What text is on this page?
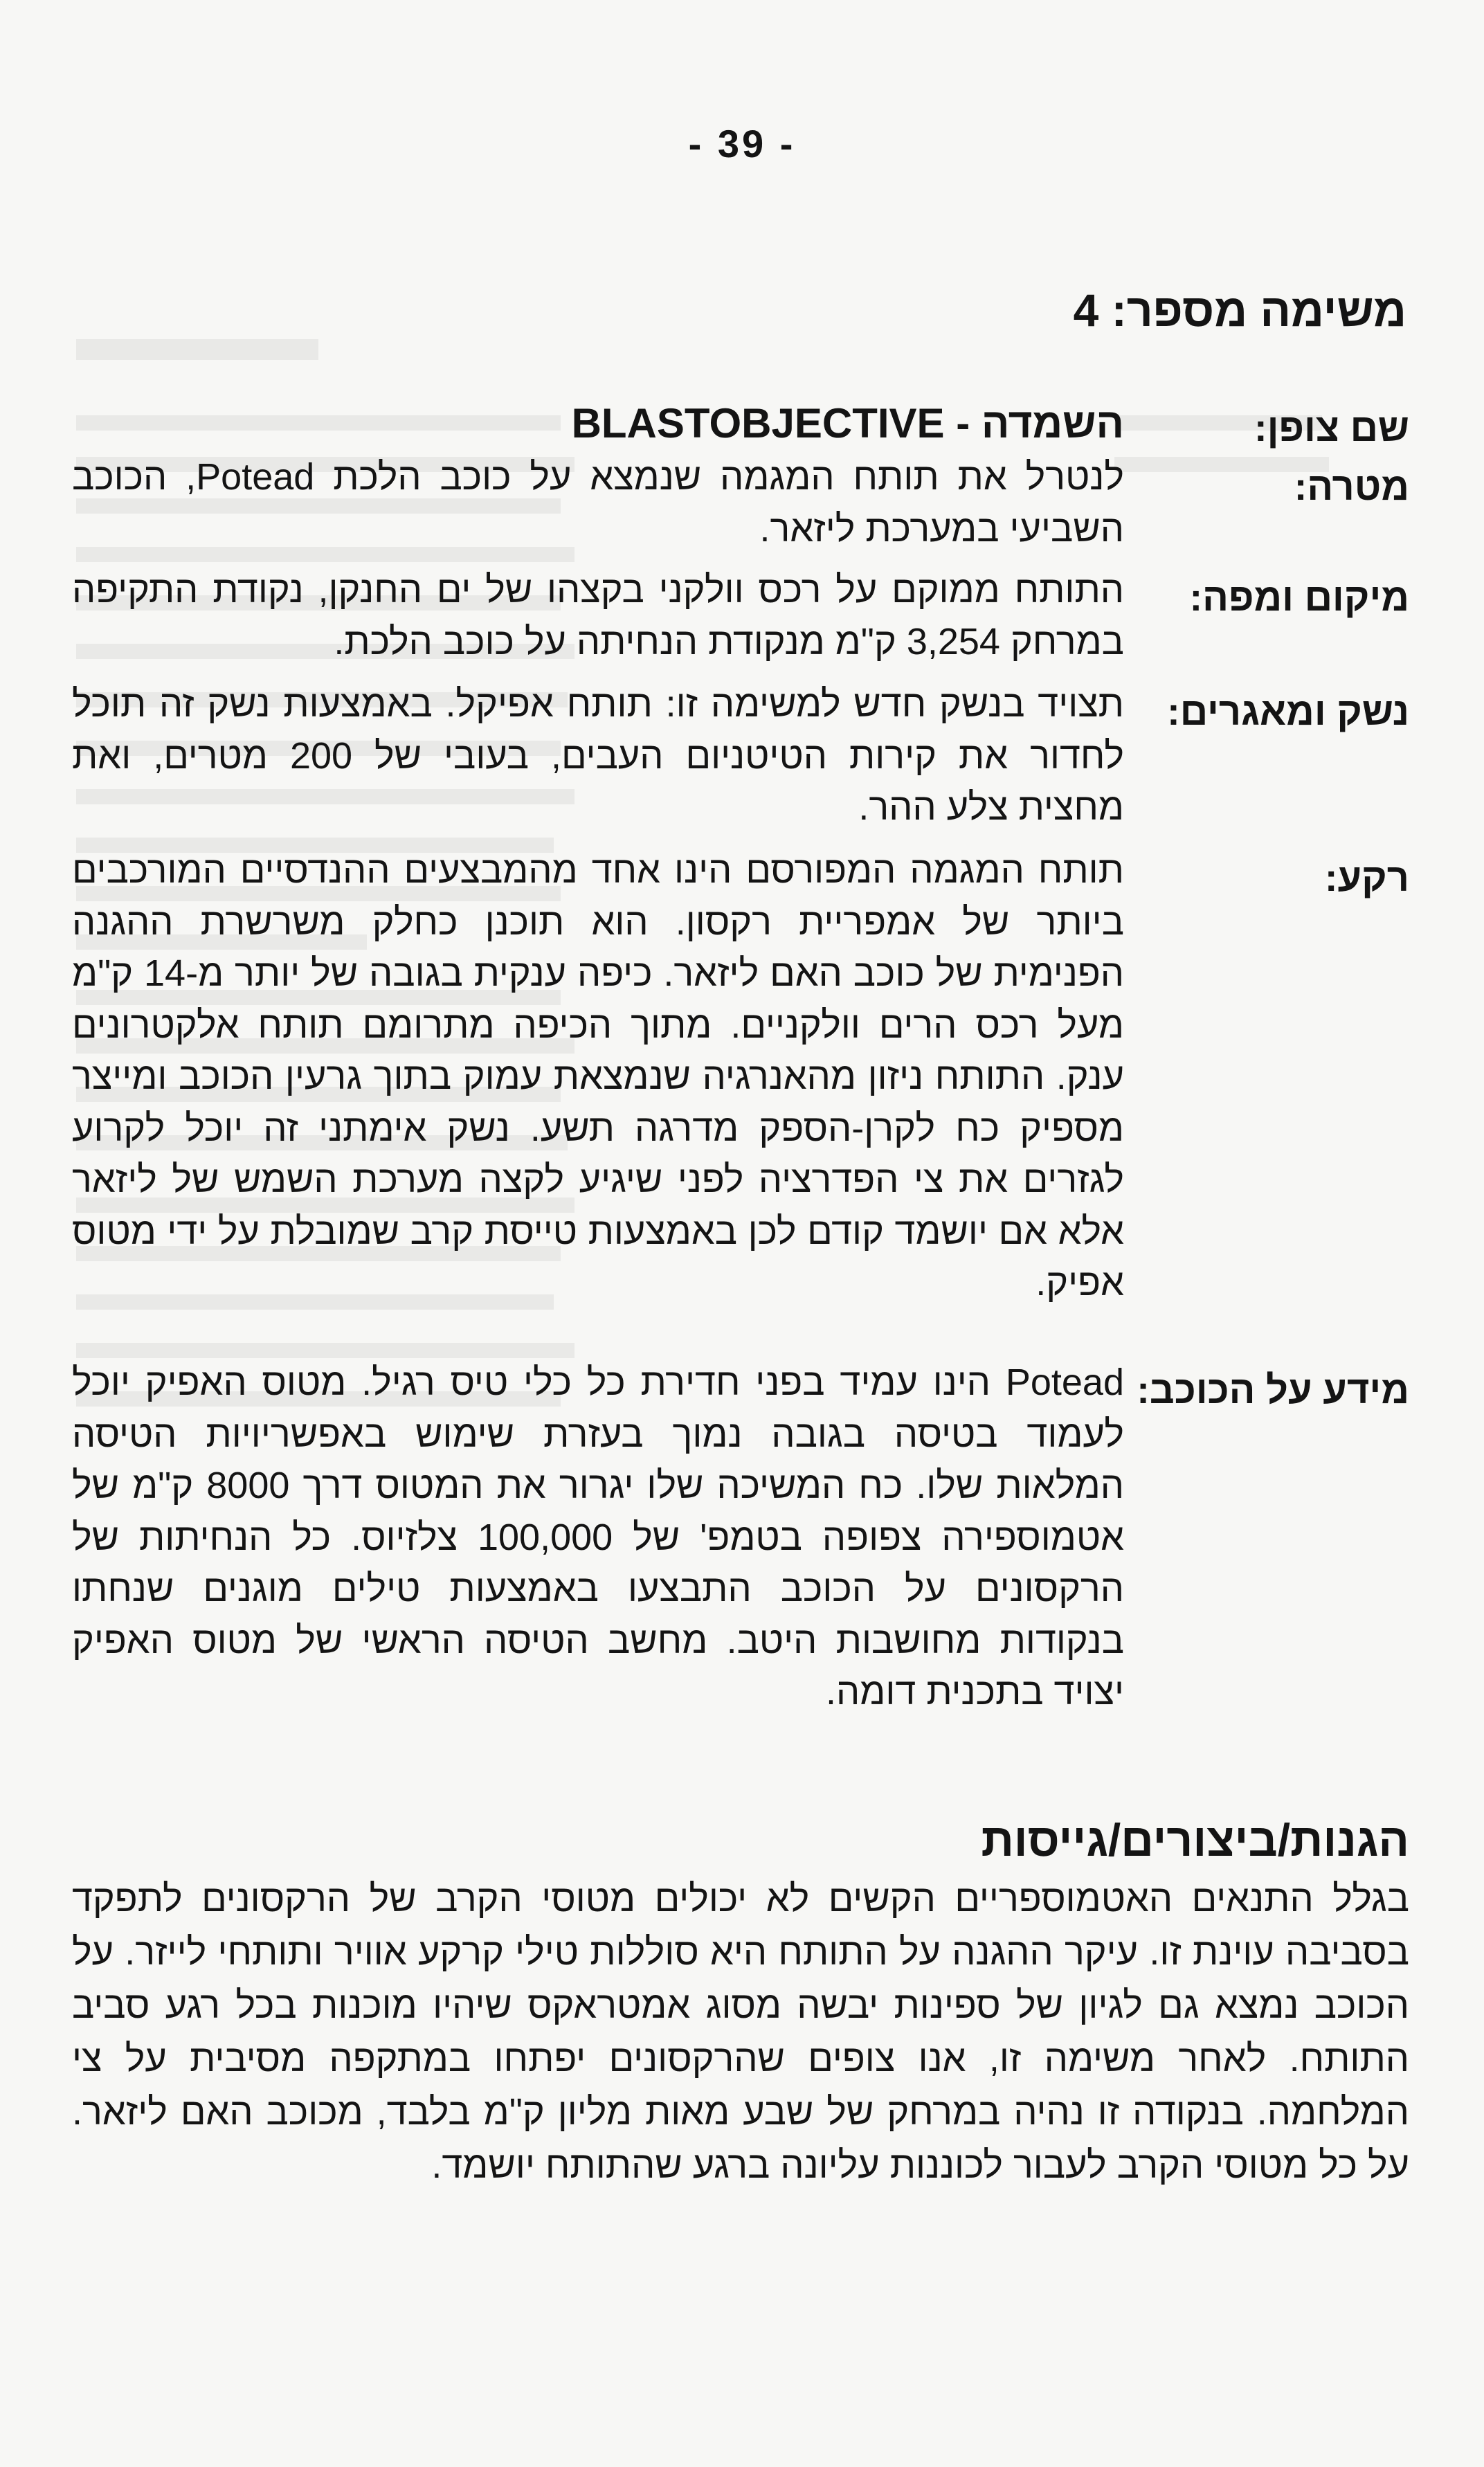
- 39 -
משימה מספר: 4
שם צופן:
השמדה - BLASTOBJECTIVE
מטרה:
לנטרל את תותח המגמה שנמצא על כוכב הלכת Potead, הכוכב השביעי במערכת ליזאר.
מיקום ומפה:
התותח ממוקם על רכס וולקני בקצהו של ים החנקן, נקודת התקיפה במרחק 3,254 ק"מ מנקודת הנחיתה על כוכב הלכת.
נשק ומאגרים:
תצויד בנשק חדש למשימה זו: תותח אפיקל. באמצעות נשק זה תוכל לחדור את קירות הטיטניום העבים, בעובי של 200 מטרים, ואת מחצית צלע ההר.
רקע:
תותח המגמה המפורסם הינו אחד מהמבצעים ההנדסיים המורכבים ביותר של אמפריית רקסון. הוא תוכנן כחלק משרשרת ההגנה הפנימית של כוכב האם ליזאר. כיפה ענקית בגובה של יותר מ-14 ק"מ מעל רכס הרים וולקניים. מתוך הכיפה מתרומם תותח אלקטרונים ענק. התותח ניזון מהאנרגיה שנמצאת עמוק בתוך גרעין הכוכב ומייצר מספיק כח לקרן-הספק מדרגה תשע. נשק אימתני זה יוכל לקרוע לגזרים את צי הפדרציה לפני שיגיע לקצה מערכת השמש של ליזאר אלא אם יושמד קודם לכן באמצעות טייסת קרב שמובלת על ידי מטוס אפיק.
מידע על הכוכב:
Potead הינו עמיד בפני חדירת כל כלי טיס רגיל. מטוס האפיק יוכל לעמוד בטיסה בגובה נמוך בעזרת שימוש באפשריויות הטיסה המלאות שלו. כח המשיכה שלו יגרור את המטוס דרך 8000 ק"מ של אטמוספירה צפופה בטמפ' של 100,000 צלזיוס. כל הנחיתות של הרקסונים על הכוכב התבצעו באמצעות טילים מוגנים שנחתו בנקודות מחושבות היטב. מחשב הטיסה הראשי של מטוס האפיק יצויד בתכנית דומה.
הגנות/ביצורים/גייסות

בגלל התנאים האטמוספריים הקשים לא יכולים מטוסי הקרב של הרקסונים לתפקד בסביבה עוינת זו. עיקר ההגנה על התותח היא סוללות טילי קרקע אוויר ותותחי לייזר. על הכוכב נמצא גם לגיון של ספינות יבשה מסוג אמטראקס שיהיו מוכנות בכל רגע סביב התותח. לאחר משימה זו, אנו צופים שהרקסונים יפתחו במתקפה מסיבית על צי המלחמה. בנקודה זו נהיה במרחק של שבע מאות מליון ק"מ בלבד, מכוכב האם ליזאר. על כל מטוסי הקרב לעבור לכוננות עליונה ברגע שהתותח יושמד.
